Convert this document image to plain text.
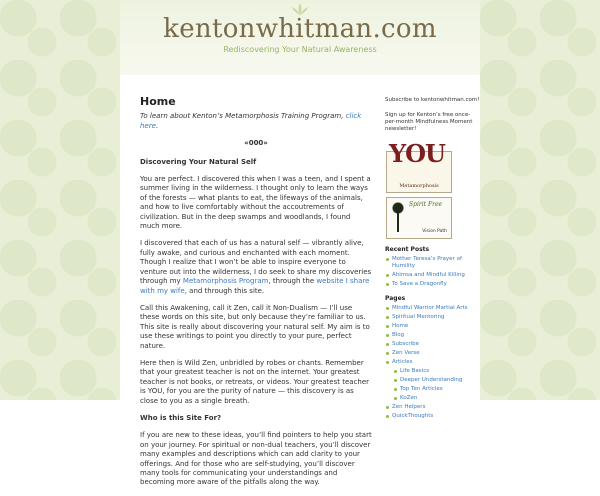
kentonwhitman.com
Rediscovering Your Natural Awareness
Home

To learn about Kenton’s Metamorphosis Training Program, click here.

«000»
Discovering Your Natural Self

You are perfect. I discovered this when I was a teen, and I spent a summer living in the wilderness. I thought only to learn the ways of the forests — what plants to eat, the lifeways of the animals, and how to live comfortably without the accoutrements of civilization. But in the deep swamps and woodlands, I found much more.

I discovered that each of us has a natural self — vibrantly alive, fully awake, and curious and enchanted with each moment. Though I realize that I won’t be able to inspire everyone to venture out into the wilderness, I do seek to share my discoveries through my Metamorphosis Program, through the website I share with my wife, and through this site.

Call this Awakening, call it Zen, call it Non-Dualism — I’ll use these words on this site, but only because they’re familiar to us. This site is really about discovering your natural self. My aim is to use these writings to point you directly to your pure, perfect nature.

Here then is Wild Zen, unbridled by robes or chants. Remember that your greatest teacher is not on the internet. Your greatest teacher is not books, or retreats, or videos. Your greatest teacher is YOU, for you are the purity of nature — this discovery is as close to you as a single breath.

Who is this Site For?

If you are new to these ideas, you’ll find pointers to help you start on your journey. For spiritual or non-dual teachers, you’ll discover many examples and descriptions which can add clarity to your offerings. And for those who are self-studying, you’ll discover many tools for communicating your understandings and becoming more aware of the pitfalls along the way.

Subscribe to kentonwhitman.com!

Sign up for Kenton’s free once-per-month Mindfulness Moment newsletter!

YOU
Metamorphosis
Spirit Free
Vision Path
Recent Posts
Mother Teresa’s Prayer of Humility
Ahimsa and Mindful Killing
To Save a Dragonfly
Pages
Mindful Warrior Martial Arts
Spiritual Mentoring
Home
Blog
Subscribe
Zen Verse
Articles
Life Basics
Deeper Understanding
Top Ten Articles
KoZen
Zen Helpers
QuickThoughts
